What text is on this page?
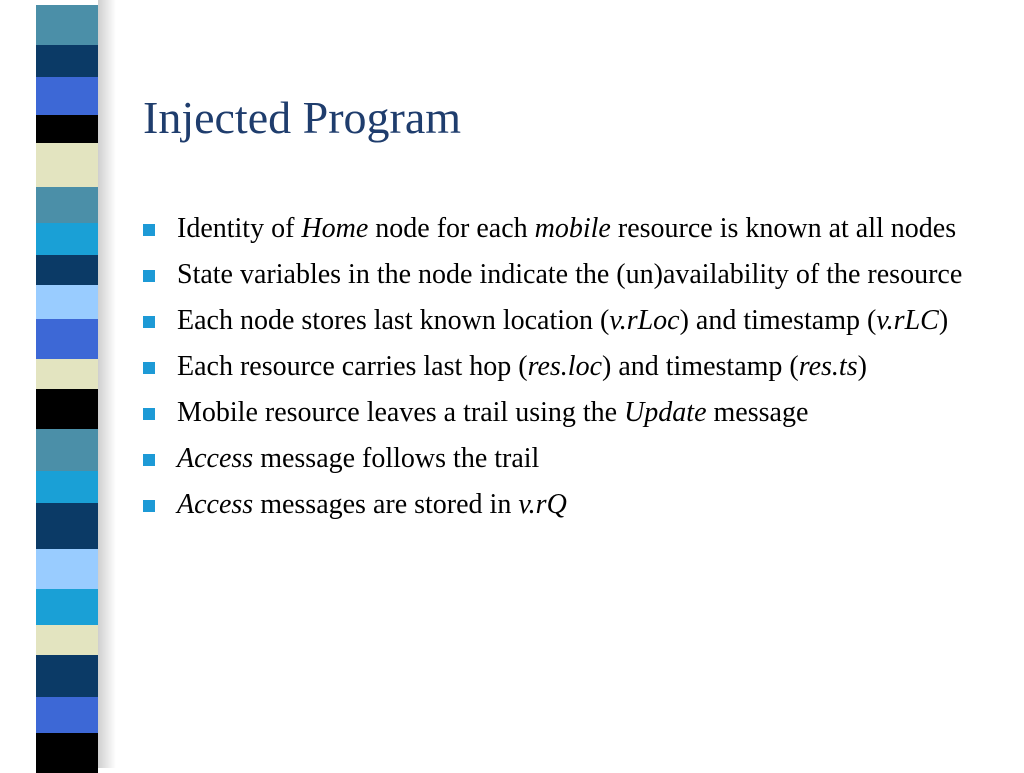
Injected Program
Identity of Home node for each mobile resource is known at all nodes
State variables in the node indicate the (un)availability of the resource
Each node stores last known location (v.rLoc) and timestamp (v.rLC)
Each resource carries last hop (res.loc) and timestamp (res.ts)
Mobile resource leaves a trail using the Update message
Access message follows the trail
Access messages are stored in v.rQ
